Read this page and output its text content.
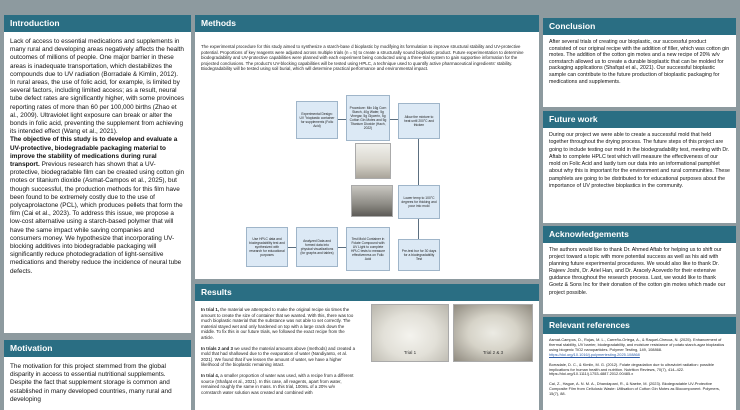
Introduction

Lack of access to essential medications and supplements in many rural and developing areas negatively affects the health outcomes of millions of people. One major barrier in these areas is inadequate transportation, which destabilizes the compounds due to UV radiation (Borradale & Kimlin, 2012). In rural areas, the use of folic acid, for example, is limited by several factors, including limited access; as a result, neural tube defect rates are significantly higher, with some provinces reporting rates of more than 60 per 100,000 births (Zhao et al., 2009). Ultraviolet light exposure can break or alter the bonds in folic acid, preventing the supplement from achieving its intended effect (Wang et al., 2021).

The objective of this study is to develop and evaluate a UV-protective, biodegradable packaging material to improve the stability of medications during rural transport. Previous research has shown that a UV-protective, biodegradable film can be created using cotton gin motes or titanium dioxide (Asmat-Campos et al., 2025), but though successful, the production methods for this film have been found to be extremely costly due to the use of polycaprolactone (PCL), which produces pellets that form the film (Cai et al., 2023). To address this issue, we propose a low-cost alternative using a starch-based polymer that will have the same impact while saving companies and consumers money. We hypothesize that incorporating UV-blocking additives into biodegradable packaging will significantly reduce photodegradation of light-sensitive medications and thereby reduce the incidence of neural tube defects.

Motivation
The motivation for this project stemmed from the global disparity in access to essential nutritional supplements. Despite the fact that supplement storage is common and established in many developed countries, many rural and developing
Methods
The experimental procedure for this study aimed to synthesize a starch-base d bioplastic by modifying its formulation to improve structural stability and UV-protective potential. Proportions of key reagents were adjusted across multiple trials (n = 5) to create a structurally sound bioplastic product. Future experimentation to determine biodegradability and UV-protective capabilities were planned with each experiment being conducted using a three-trial system to gain supportive information for the projected conclusions. The product's UV-blocking capabilities will be tested using HPLC, a technique used to quantify active pharmaceutical ingredients' stability. Biodegradability will be tested using soil burial, which will determine practical performance and environmental impact.
Experimental Design: UV "bioplastic container for supplements (Folic Acid)
Procedure: Mix 16g Corn Starch, 40g Water, 5g Vinegar, 5g Glycerin, 5g Cotton Gin Motes and 5g Titanium Dioxide (Hach, 2022)
Allow the mixture to heat until 200°C and thicken
Lower temp to 100°C degrees for thicking and pour into mold
Test Mold Container in Folate Compound with UV Light to complete HPLC tests to measure effectiveness on Folic Acid
Analyzed Data and formed data into physical visualizations (for graphs and tables)
Use HPLC data and biodegradability test and synthesized with research for educational purposes
Pre-test bur for 30 days for a biodegradability Test
Results

In trial 1, the material we attempted to make the original recipe six times the amount to create the size of container that we wanted. With this, there was too much bioplastic material that the substance was not able to set correctly. The material stayed wet and only hardened on top with a large crack down the middle. To fix this in our future trials, we followed the exact recipe from the article.

In trials 2 and 3 we used the material amounts above (methods) and created a mold that had shallowed due to the evaporation of water (Nandiyanto, et al. 2021). We found that if we lessen the amount of water, we have a higher likelihood of the bioplastic remaining intact.

In trial 4, a smaller proportion of water was used, with a recipe from a different source (Shafqat et al., 2021). In this case, all reagents, apart from water, remained roughly the same in mass. In this trial, 100mL of a 20% w/v cornstarch water solution was created and combined with

Trial 1	Trial 2 & 3
Conclusion
After several trials of creating our bioplastic, our successful product consisted of our original recipe with the addition of filler, which was cotton gin motes. The addition of the cotton gin motes and a new recipe of 20% w/v cornstarch allowed us to create a durable bioplastic that can be molded for packaging applications (Shafqat et al., 2021). Our successful bioplastic sample can contribute to the future production of bioplastic packaging for medications and supplements.
Future work
During our project we were able to create a successful mold that held together throughout the drying process. The future steps of this project are going to include testing our mold in the biodegradability test, meeting with Dr. Aftab to complete HPLC test which will measure the effectiveness of our mold on Folic Acid and lastly turn our data into an informational pamphlet about why this is important for the environment and rural communities. These pamphlets are going to be distributed to for educational purposes about the importance of UV protective bioplastics in the community.
Acknowledgements
The authors would like to thank Dr. Ahmed Aftab for helping us to shift our project toward a topic with more potential success as well as his aid with planning future experimental procedures. We would also like to thank Dr. Rajeev Joshi, Dr. Ariel Han, and Dr. Aracely Acevedo for their extensive guidance throughout the research process. Last, we would like to thank Goetz & Sons Inc for their donation of the cotton gin motes which made our project possible.
Relevant references
Asmat-Campos, D., Rojas, M. L., Carreño-Ortega, A., & Raquel-Checca, N. (2025). Enhancement of thermal stability, UV barrier, biodegradability, and moisture resistance of potato starch-agar bioplastics using biogenic TiO2 nanoparticles. Polymer Testing, 149, 108868.
https://doi.org/10.1016/j.polymertesting.2025.108868
Borradale, D. C., & Kimlin, M. G. (2012). Folate degradation due to ultraviolet radiation: possible implications for human health and nutrition. Nutrition Reviews, 70(7), 414–422. https://doi.org/10.1111/j.1753-4887.2012.00485.x
Cai, Z., Hague, A. N. M. A., Dhandapani, R., & Naebe, M. (2023). Biodegradable UV-Protective Composite Film from Cellulosic Waste: Utilisation of Cotton Gin Motes as Biocomponent. Polymers, 15(7), 88.
